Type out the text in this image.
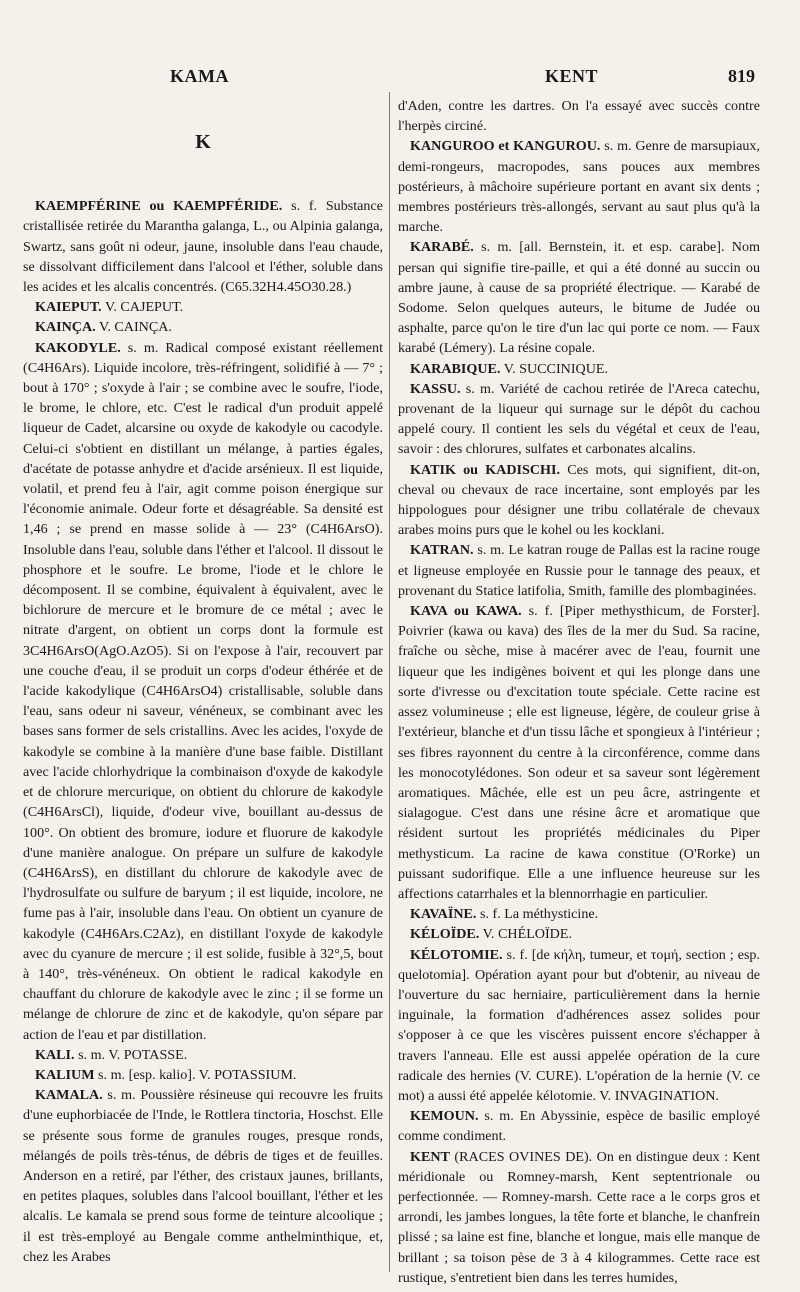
KAMA	KENT	819
K

KAEMPFÉRINE ou KAEMPFÉRIDE. s. f. Substance cristallisée retirée du Marantha galanga, L., ou Alpinia galanga, Swartz, sans goût ni odeur, jaune, insoluble dans l'eau chaude, se dissolvant difficilement dans l'alcool et l'éther, soluble dans les acides et les alcalis concentrés. (C65.32H4.45O30.28.)

KAIEPUT. V. CAJEPUT.

KAINÇA. V. CAINÇA.

KAKODYLE. s. m. Radical composé existant réellement (C4H6Ars). Liquide incolore, très-réfringent, solidifié à — 7° ; bout à 170° ; s'oxyde à l'air ; se combine avec le soufre, l'iode, le brome, le chlore, etc. C'est le radical d'un produit appelé liqueur de Cadet, alcarsine ou oxyde de kakodyle ou cacodyle. Celui-ci s'obtient en distillant un mélange, à parties égales, d'acétate de potasse anhydre et d'acide arsénieux. Il est liquide, volatil, et prend feu à l'air, agit comme poison énergique sur l'économie animale. Odeur forte et désagréable. Sa densité est 1,46 ; se prend en masse solide à — 23° (C4H6ArsO). Insoluble dans l'eau, soluble dans l'éther et l'alcool. Il dissout le phosphore et le soufre. Le brome, l'iode et le chlore le décomposent. Il se combine, équivalent à équivalent, avec le bichlorure de mercure et le bromure de ce métal ; avec le nitrate d'argent, on obtient un corps dont la formule est 3C4H6ArsO(AgO.AzO5). Si on l'expose à l'air, recouvert par une couche d'eau, il se produit un corps d'odeur éthérée et de l'acide kakodylique (C4H6ArsO4) cristallisable, soluble dans l'eau, sans odeur ni saveur, vénéneux, se combinant avec les bases sans former de sels cristallins. Avec les acides, l'oxyde de kakodyle se combine à la manière d'une base faible. Distillant avec l'acide chlorhydrique la combinaison d'oxyde de kakodyle et de chlorure mercurique, on obtient du chlorure de kakodyle (C4H6ArsCl), liquide, d'odeur vive, bouillant au-dessus de 100°. On obtient des bromure, iodure et fluorure de kakodyle d'une manière analogue. On prépare un sulfure de kakodyle (C4H6ArsS), en distillant du chlorure de kakodyle avec de l'hydrosulfate ou sulfure de baryum ; il est liquide, incolore, ne fume pas à l'air, insoluble dans l'eau. On obtient un cyanure de kakodyle (C4H6Ars.C2Az), en distillant l'oxyde de kakodyle avec du cyanure de mercure ; il est solide, fusible à 32°,5, bout à 140°, très-vénéneux. On obtient le radical kakodyle en chauffant du chlorure de kakodyle avec le zinc ; il se forme un mélange de chlorure de zinc et de kakodyle, qu'on sépare par action de l'eau et par distillation.

KALI. s. m. V. POTASSE.

KALIUM s. m. [esp. kalio]. V. POTASSIUM.

KAMALA. s. m. Poussière résineuse qui recouvre les fruits d'une euphorbiacée de l'Inde, le Rottlera tinctoria, Hoschst. Elle se présente sous forme de granules rouges, presque ronds, mélangés de poils très-ténus, de débris de tiges et de feuilles. Anderson en a retiré, par l'éther, des cristaux jaunes, brillants, en petites plaques, solubles dans l'alcool bouillant, l'éther et les alcalis. Le kamala se prend sous forme de teinture alcoolique ; il est très-employé au Bengale comme anthelminthique, et, chez les Arabes

d'Aden, contre les dartres. On l'a essayé avec succès contre l'herpès circiné.

KANGUROO et KANGUROU. s. m. Genre de marsupiaux, demi-rongeurs, macropodes, sans pouces aux membres postérieurs, à mâchoire supérieure portant en avant six dents ; membres postérieurs très-allongés, servant au saut plus qu'à la marche.

KARABÉ. s. m. [all. Bernstein, it. et esp. carabe]. Nom persan qui signifie tire-paille, et qui a été donné au succin ou ambre jaune, à cause de sa propriété électrique. — Karabé de Sodome. Selon quelques auteurs, le bitume de Judée ou asphalte, parce qu'on le tire d'un lac qui porte ce nom. — Faux karabé (Lémery). La résine copale.

KARABIQUE. V. SUCCINIQUE.

KASSU. s. m. Variété de cachou retirée de l'Areca catechu, provenant de la liqueur qui surnage sur le dépôt du cachou appelé coury. Il contient les sels du végétal et ceux de l'eau, savoir : des chlorures, sulfates et carbonates alcalins.

KATIK ou KADISCHI. Ces mots, qui signifient, dit-on, cheval ou chevaux de race incertaine, sont employés par les hippologues pour désigner une tribu collatérale de chevaux arabes moins purs que le kohel ou les kocklani.

KATRAN. s. m. Le katran rouge de Pallas est la racine rouge et ligneuse employée en Russie pour le tannage des peaux, et provenant du Statice latifolia, Smith, famille des plombaginées.

KAVA ou KAWA. s. f. [Piper methysthicum, de Forster]. Poivrier (kawa ou kava) des îles de la mer du Sud. Sa racine, fraîche ou sèche, mise à macérer avec de l'eau, fournit une liqueur que les indigènes boivent et qui les plonge dans une sorte d'ivresse ou d'excitation toute spéciale. Cette racine est assez volumineuse ; elle est ligneuse, légère, de couleur grise à l'extérieur, blanche et d'un tissu lâche et spongieux à l'intérieur ; ses fibres rayonnent du centre à la circonférence, comme dans les monocotylédones. Son odeur et sa saveur sont légèrement aromatiques. Mâchée, elle est un peu âcre, astringente et sialagogue. C'est dans une résine âcre et aromatique que résident surtout les propriétés médicinales du Piper methysticum. La racine de kawa constitue (O'Rorke) un puissant sudorifique. Elle a une influence heureuse sur les affections catarrhales et la blennorrhagie en particulier.

KAVAÏNE. s. f. La méthysticine.

KÉLOÏDE. V. CHÉLOÏDE.

KÉLOTOMIE. s. f. [de κήλη, tumeur, et τομή, section ; esp. quelotomia]. Opération ayant pour but d'obtenir, au niveau de l'ouverture du sac herniaire, particulièrement dans la hernie inguinale, la formation d'adhérences assez solides pour s'opposer à ce que les viscères puissent encore s'échapper à travers l'anneau. Elle est aussi appelée opération de la cure radicale des hernies (V. CURE). L'opération de la hernie (V. ce mot) a aussi été appelée kélotomie. V. INVAGINATION.

KEMOUN. s. m. En Abyssinie, espèce de basilic employé comme condiment.

KENT (RACES OVINES DE). On en distingue deux : Kent méridionale ou Romney-marsh, Kent septentrionale ou perfectionnée. — Romney-marsh. Cette race a le corps gros et arrondi, les jambes longues, la tête forte et blanche, le chanfrein plissé ; sa laine est fine, blanche et longue, mais elle manque de brillant ; sa toison pèse de 3 à 4 kilogrammes. Cette race est rustique, s'entretient bien dans les terres humides,
